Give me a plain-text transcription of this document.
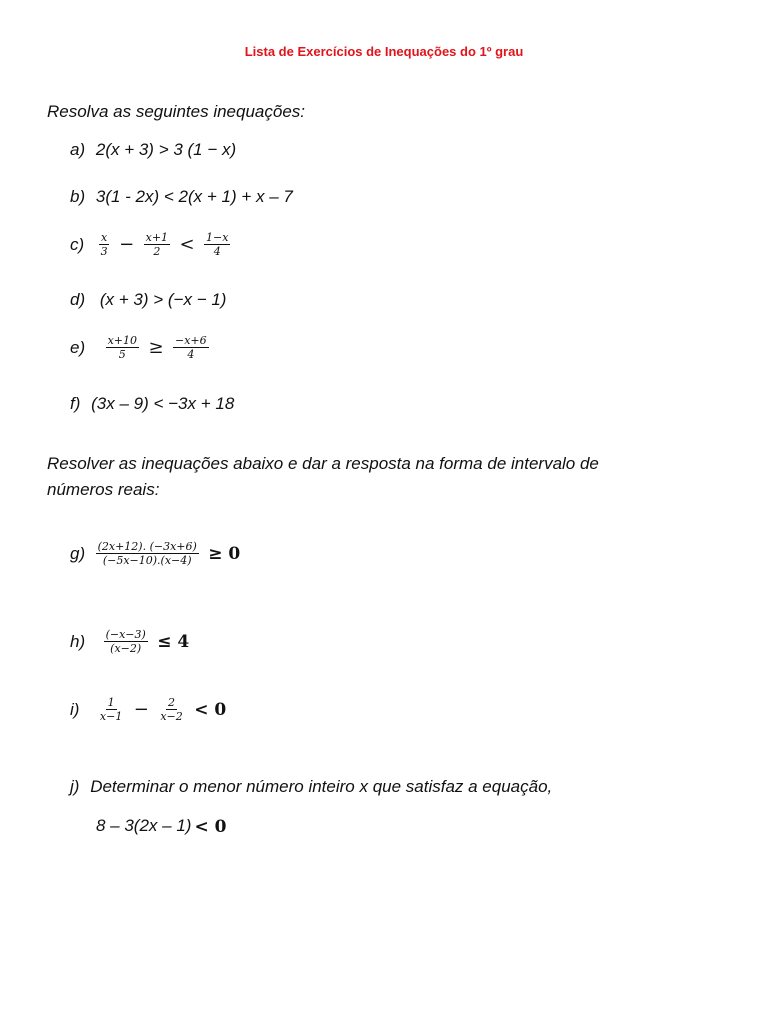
Lista de Exercícios de Inequações do 1º grau
Resolva as seguintes inequações:
a) 2(x + 3) > 3 (1 − x)
b) 3(1 - 2x) < 2(x + 1) + x – 7
$c) \frac{x}{3} - \frac{x+1}{2} < \frac{1-x}{4}$
d) (x + 3) > (−x − 1)
$e) \frac{x+10}{5} \ge \frac{-x+6}{4}$
f) (3x – 9) < −3x + 18
Resolver as inequações abaixo e dar a resposta na forma de intervalo de
números reais:
$g) \frac{(2x+12). (-3x+6)}{(-5x-10).(x-4)} \ge 0$
$h) \frac{(-x-3)}{(x-2)} \le 4$
$i) \frac{1}{x-1} - \frac{2}{x-2} < 0$
j) Determinar o menor número inteiro x que satisfaz a equação,
8 – 3(2x – 1) < 0
